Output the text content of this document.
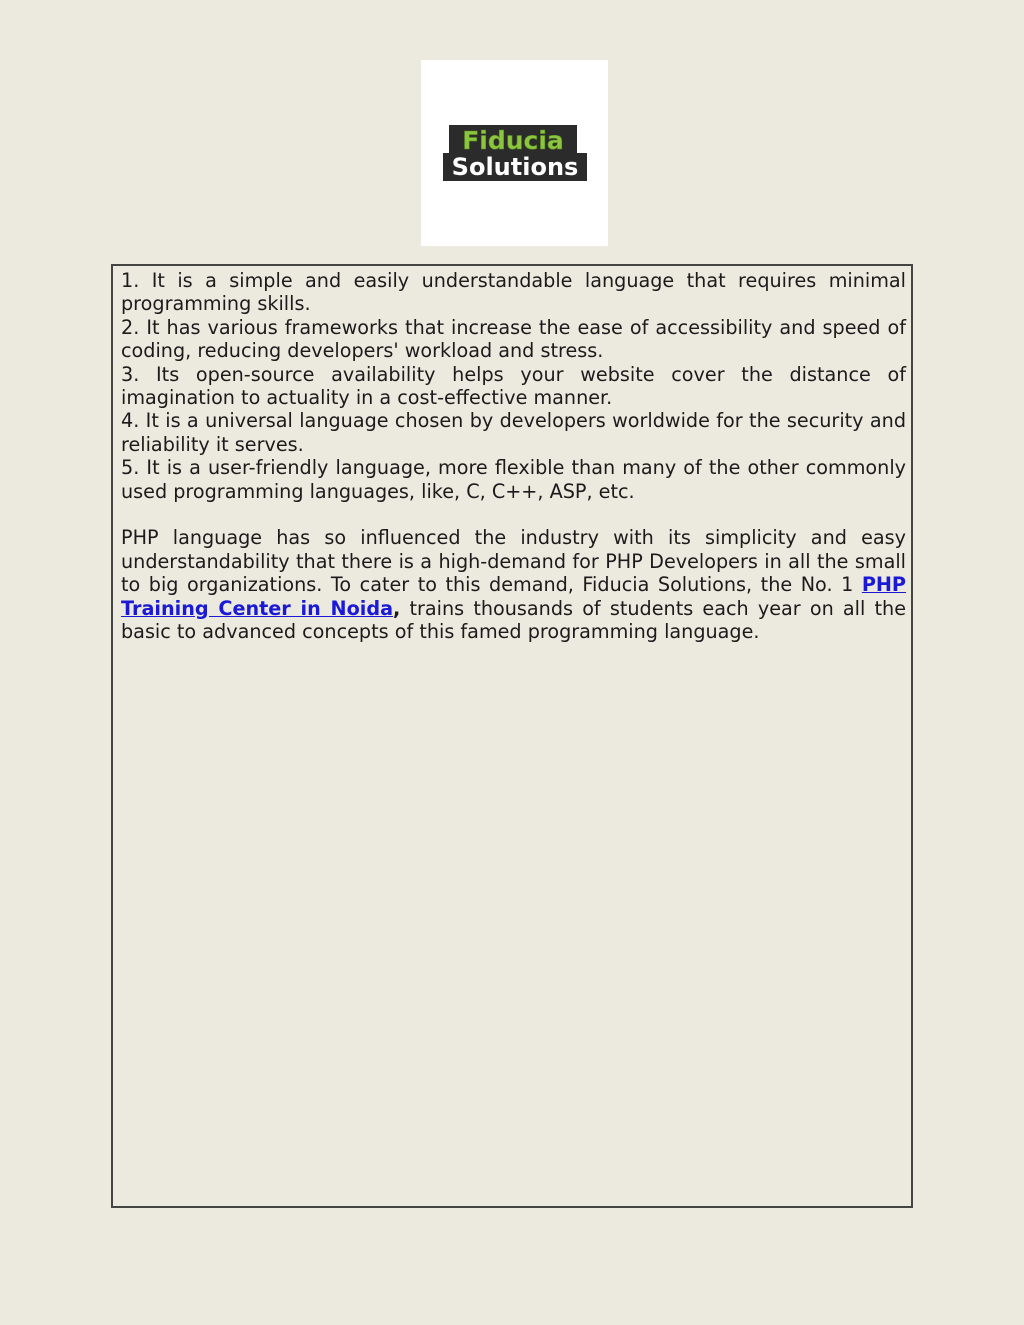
Fiducia
Solutions

1. It is a simple and easily understandable language that requires minimal programming skills.

2. It has various frameworks that increase the ease of accessibility and speed of coding, reducing developers' workload and stress.

3. Its open-source availability helps your website cover the distance of imagination to actuality in a cost-effective manner.

4. It is a universal language chosen by developers worldwide for the security and reliability it serves.

5. It is a user-friendly language, more flexible than many of the other commonly used programming languages, like, C, C++, ASP, etc.

PHP language has so influenced the industry with its simplicity and easy understandability that there is a high-demand for PHP Developers in all the small to big organizations. To cater to this demand, Fiducia Solutions, the No. 1 PHP Training Center in Noida, trains thousands of students each year on all the basic to advanced concepts of this famed programming language.
